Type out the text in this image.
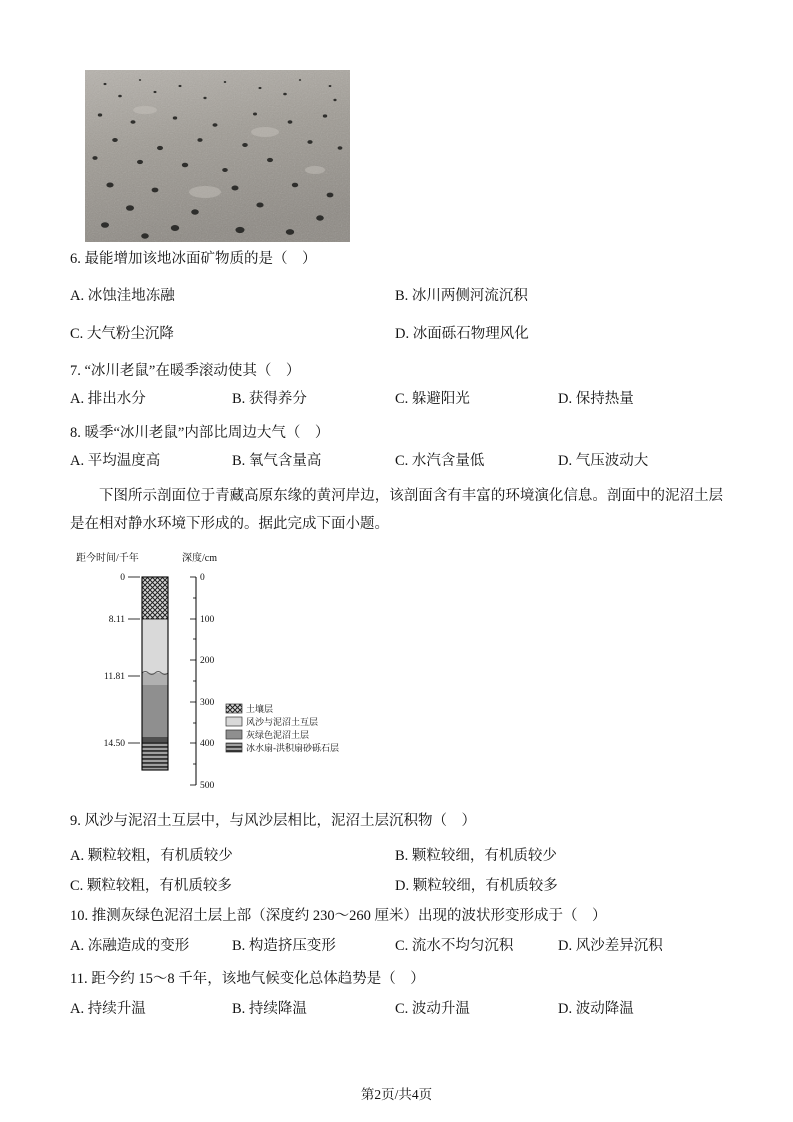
6. 最能增加该地冰面矿物质的是（　）
A. 冰蚀洼地冻融	B. 冰川两侧河流沉积
C. 大气粉尘沉降	D. 冰面砾石物理风化
7. “冰川老鼠”在暖季滚动使其（　）
A. 排出水分	B. 获得养分	C. 躲避阳光	D. 保持热量
8. 暖季“冰川老鼠”内部比周边大气（　）
A. 平均温度高	B. 氧气含量高	C. 水汽含量低	D. 气压波动大
下图所示剖面位于青藏高原东缘的黄河岸边，该剖面含有丰富的环境演化信息。剖面中的泥沼土层是在相对静水环境下形成的。据此完成下面小题。
距今时间/千年	深度/cm
0
8.11
11.81
14.50
0
100
200
300
400
500
土壤层
风沙与泥沼土互层
灰绿色泥沼土层
冰水扇-洪积扇砂砾石层
9. 风沙与泥沼土互层中，与风沙层相比，泥沼土层沉积物（　）
A. 颗粒较粗，有机质较少	B. 颗粒较细，有机质较少
C. 颗粒较粗，有机质较多	D. 颗粒较细，有机质较多
10. 推测灰绿色泥沼土层上部（深度约 230～260 厘米）出现的波状形变形成于（　）
A. 冻融造成的变形	B. 构造挤压变形	C. 流水不均匀沉积	D. 风沙差异沉积
11. 距今约 15～8 千年，该地气候变化总体趋势是（　）
A. 持续升温	B. 持续降温	C. 波动升温	D. 波动降温
第2页/共4页
